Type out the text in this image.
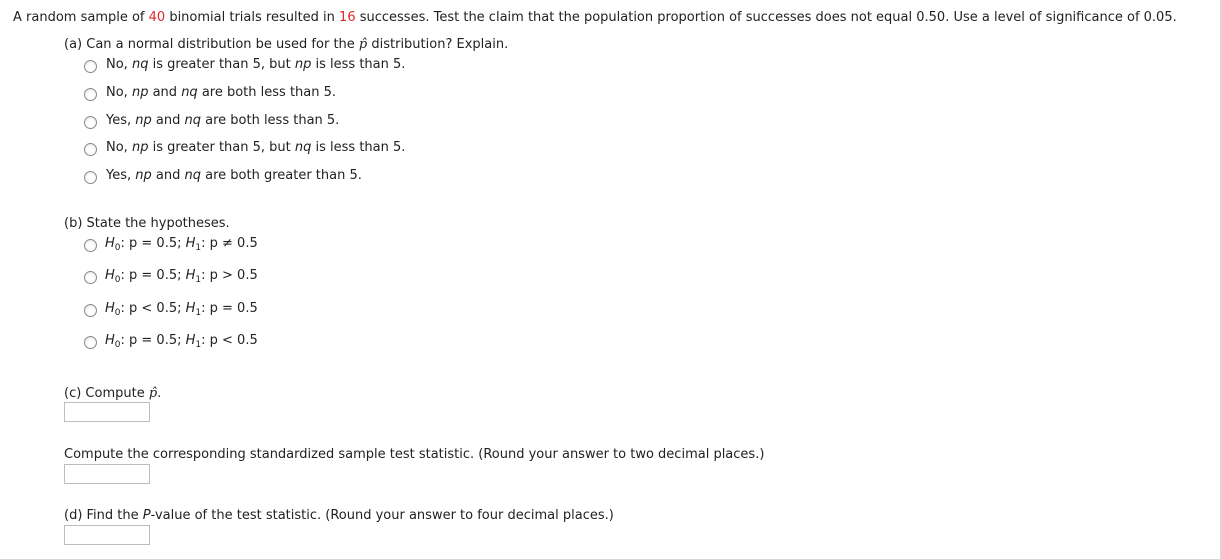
A random sample of 40 binomial trials resulted in 16 successes. Test the claim that the population proportion of successes does not equal 0.50. Use a level of significance of 0.05.
(a) Can a normal distribution be used for the p̂ distribution? Explain.
No, nq is greater than 5, but np is less than 5.
No, np and nq are both less than 5.
Yes, np and nq are both less than 5.
No, np is greater than 5, but nq is less than 5.
Yes, np and nq are both greater than 5.
(b) State the hypotheses.
$H_0$: p = 0.5; $H_1$: p ≠ 0.5
$H_0$: p = 0.5; $H_1$: p > 0.5
$H_0$: p < 0.5; $H_1$: p = 0.5
$H_0$: p = 0.5; $H_1$: p < 0.5
(c) Compute p̂.
Compute the corresponding standardized sample test statistic. (Round your answer to two decimal places.)
(d) Find the P-value of the test statistic. (Round your answer to four decimal places.)
